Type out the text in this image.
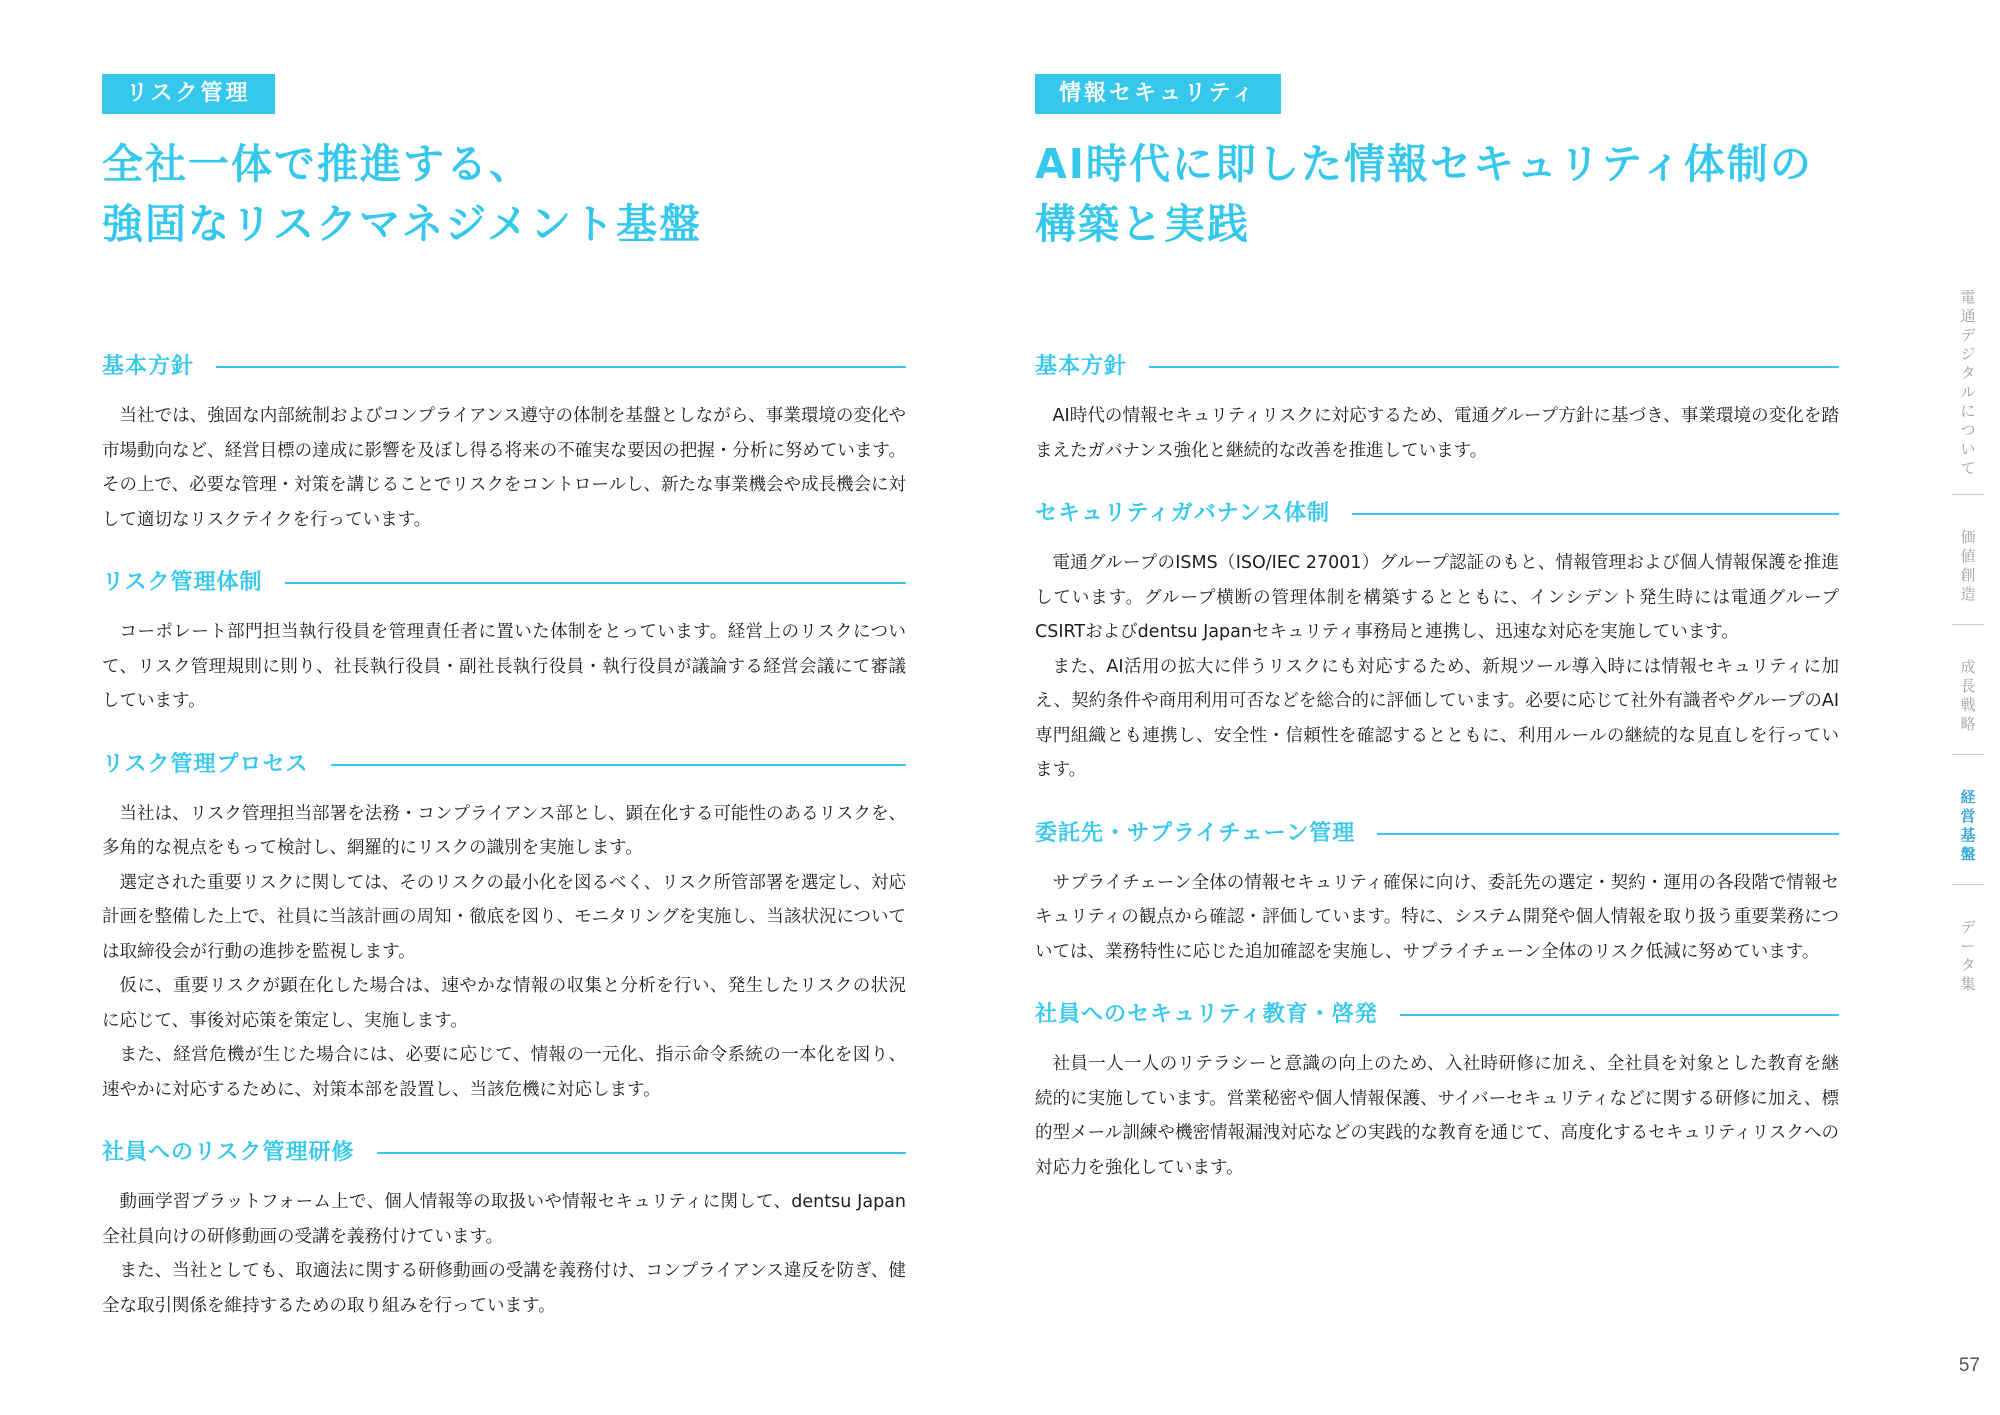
リスク管理
全社一体で推進する、
強固なリスクマネジメント基盤
基本方針

当社では、強固な内部統制およびコンプライアンス遵守の体制を基盤としながら、事業環境の変化や市場動向など、経営目標の達成に影響を及ぼし得る将来の不確実な要因の把握・分析に努めています。その上で、必要な管理・対策を講じることでリスクをコントロールし、新たな事業機会や成長機会に対して適切なリスクテイクを行っています。

リスク管理体制

コーポレート部門担当執行役員を管理責任者に置いた体制をとっています。経営上のリスクについて、リスク管理規則に則り、社長執行役員・副社長執行役員・執行役員が議論する経営会議にて審議しています。

リスク管理プロセス

当社は、リスク管理担当部署を法務・コンプライアンス部とし、顕在化する可能性のあるリスクを、多角的な視点をもって検討し、網羅的にリスクの識別を実施します。

選定された重要リスクに関しては、そのリスクの最小化を図るべく、リスク所管部署を選定し、対応計画を整備した上で、社員に当該計画の周知・徹底を図り、モニタリングを実施し、当該状況については取締役会が行動の進捗を監視します。

仮に、重要リスクが顕在化した場合は、速やかな情報の収集と分析を行い、発生したリスクの状況に応じて、事後対応策を策定し、実施します。

また、経営危機が生じた場合には、必要に応じて、情報の一元化、指示命令系統の一本化を図り、速やかに対応するために、対策本部を設置し、当該危機に対応します。

社員へのリスク管理研修

動画学習プラットフォーム上で、個人情報等の取扱いや情報セキュリティに関して、dentsu Japan全社員向けの研修動画の受講を義務付けています。

また、当社としても、取適法に関する研修動画の受講を義務付け、コンプライアンス違反を防ぎ、健全な取引関係を維持するための取り組みを行っています。

情報セキュリティ
AI時代に即した情報セキュリティ体制の
構築と実践
基本方針

AI時代の情報セキュリティリスクに対応するため、電通グループ方針に基づき、事業環境の変化を踏まえたガバナンス強化と継続的な改善を推進しています。

セキュリティガバナンス体制

電通グループのISMS（ISO/IEC 27001）グループ認証のもと、情報管理および個人情報保護を推進しています。グループ横断の管理体制を構築するとともに、インシデント発生時には電通グループCSIRTおよびdentsu Japanセキュリティ事務局と連携し、迅速な対応を実施しています。

また、AI活用の拡大に伴うリスクにも対応するため、新規ツール導入時には情報セキュリティに加え、契約条件や商用利用可否などを総合的に評価しています。必要に応じて社外有識者やグループのAI専門組織とも連携し、安全性・信頼性を確認するとともに、利用ルールの継続的な見直しを行っています。

委託先・サプライチェーン管理

サプライチェーン全体の情報セキュリティ確保に向け、委託先の選定・契約・運用の各段階で情報セキュリティの観点から確認・評価しています。特に、システム開発や個人情報を取り扱う重要業務については、業務特性に応じた追加確認を実施し、サプライチェーン全体のリスク低減に努めています。

社員へのセキュリティ教育・啓発

社員一人一人のリテラシーと意識の向上のため、入社時研修に加え、全社員を対象とした教育を継続的に実施しています。営業秘密や個人情報保護、サイバーセキュリティなどに関する研修に加え、標的型メール訓練や機密情報漏洩対応などの実践的な教育を通じて、高度化するセキュリティリスクへの対応力を強化しています。

電
通
デ
ジ
タ
ル
に
つ
い
て
価
値
創
造
成
長
戦
略
経
営
基
盤
デ
ー
タ
集
57
